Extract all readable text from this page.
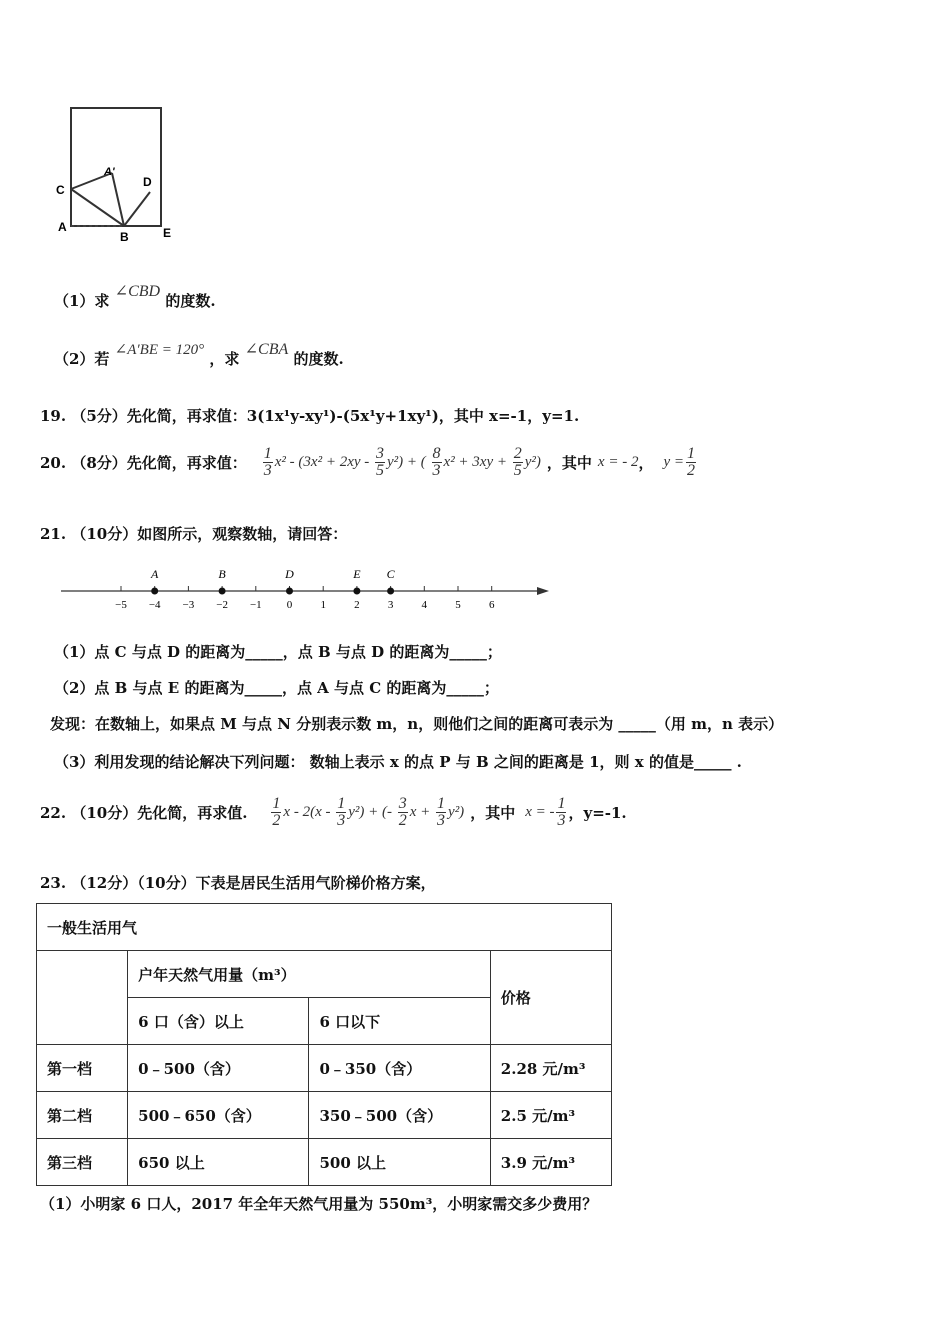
C
A'
D
A
B	E
（1）求 ∠CBD 的度数.
（2）若 ∠A′BE = 120° ，求 ∠CBA 的度数.
19. （5分）先化简，再求值：3(1x¹y-xy¹)-(5x¹y+1xy¹)，其中 x=-1，y=1.
20. （8分）先化简，再求值： $\frac{1}{3} x^2 - (3x^2 + 2xy - \frac{3}{5} y^2)$ + ( $\frac{8}{3} x^2 + 3xy + \frac{2}{5} y^2$) ，其中 x = - 2 ， $y = \frac{1}{2}$
21. （10分）如图所示，观察数轴，请回答：
−5 −4 −3 −2 −1 0	1	2	3	4	5	6
A	B	D	E C
（1）点 C 与点 D 的距离为_____，点 B 与点 D 的距离为_____；
（2）点 B 与点 E 的距离为_____，点 A 与点 C 的距离为_____；
发现：在数轴上，如果点 M 与点 N 分别表示数 m，n，则他们之间的距离可表示为 _____（用 m，n 表示）
（3）利用发现的结论解决下列问题： 数轴上表示 x 的点 P 与 B 之间的距离是 1，则 x 的值是_____ .
22. （10分）先化简，再求值. $\frac{1}{2}$ x - $2(x - \frac{1}{3} y^2)$ + (- $\frac{3}{2}$ $x + \frac{1}{3} y^2$) ，其中 x = - $\frac{1}{3}$ ，y=-1.
23. （12分）（10分）下表是居民生活用气阶梯价格方案，
一般生活用气			
	户年天然气用量（m³）		价格
	6 口（含）以上	6 口以下	
第一档	0﹣500（含）	0﹣350（含）	2.28 元/m³
第二档	500﹣650（含）	350﹣500（含）	2.5 元/m³
第三档	650 以上	500 以上	3.9 元/m³
（1）小明家 6 口人，2017 年全年天然气用量为 550m³，小明家需交多少费用？
